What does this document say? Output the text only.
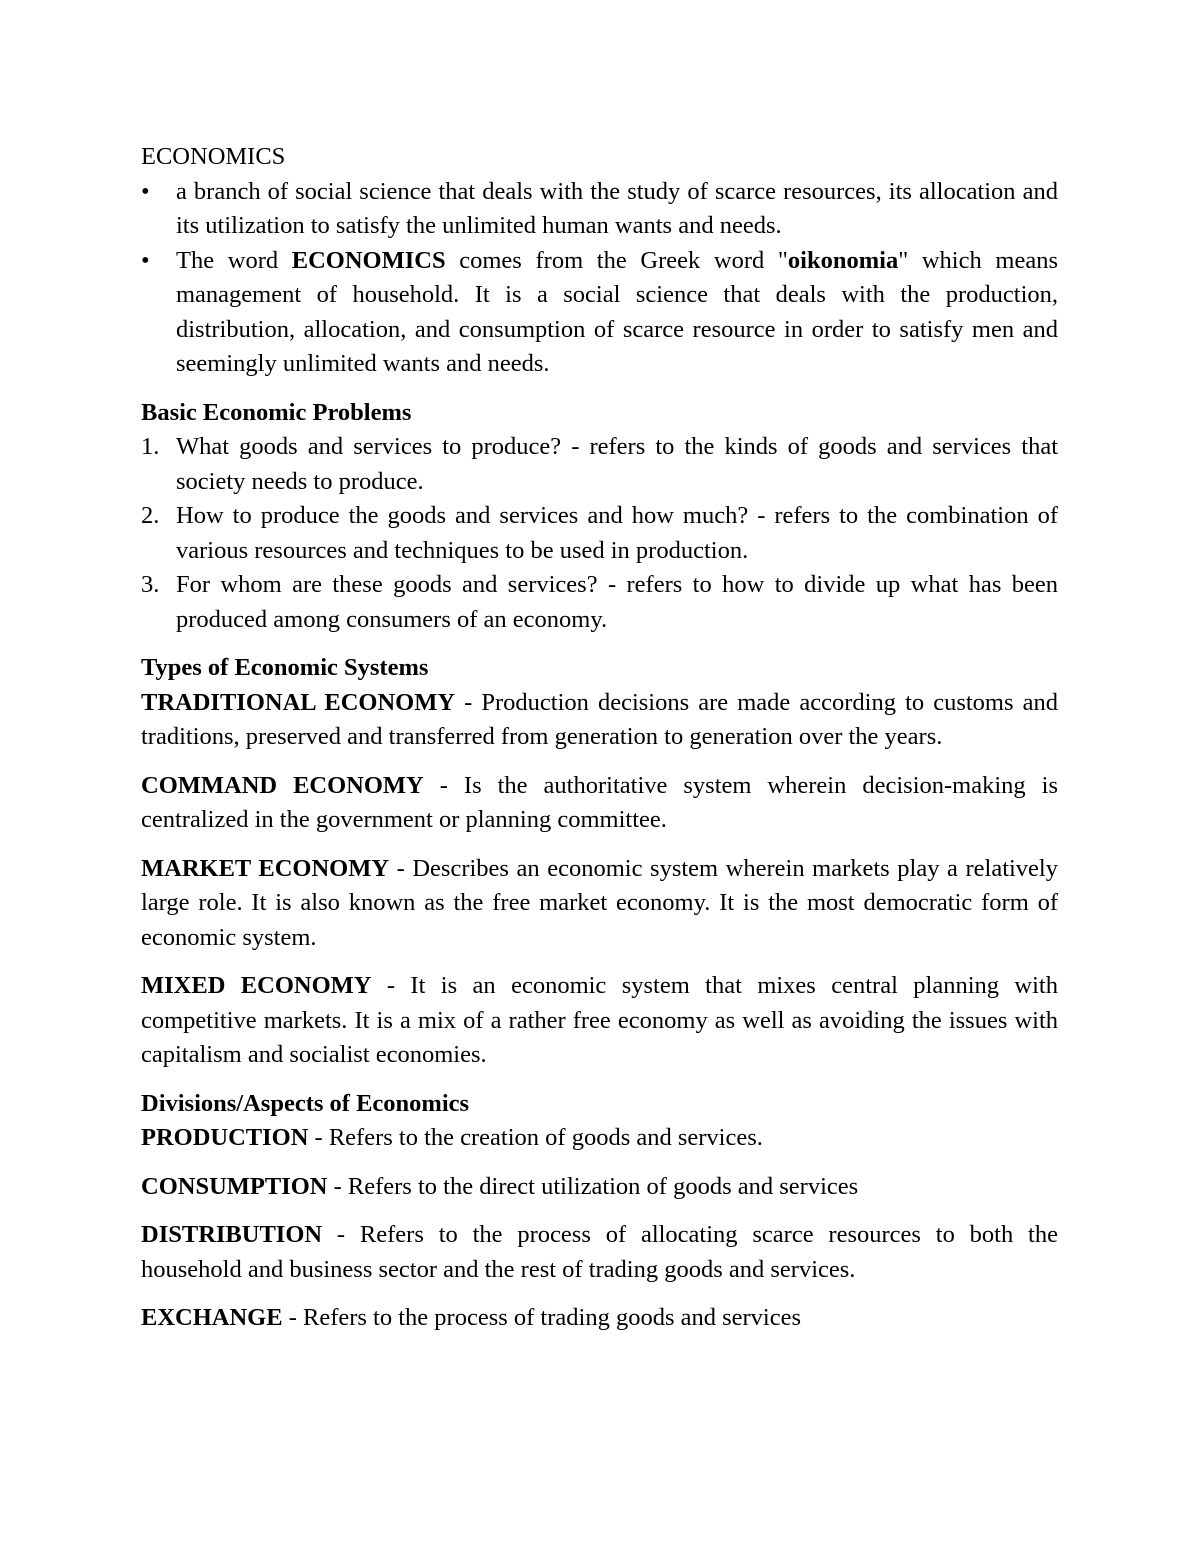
ECONOMICS
•	a branch of social science that deals with the study of scarce resources, its allocation and its utilization to satisfy the unlimited human wants and needs.
•	The word ECONOMICS comes from the Greek word "oikonomia" which means management of household. It is a social science that deals with the production, distribution, allocation, and consumption of scarce resource in order to satisfy men and seemingly unlimited wants and needs.
Basic Economic Problems
1. What goods and services to produce? - refers to the kinds of goods and services that society needs to produce.
2. How to produce the goods and services and how much? - refers to the combination of various resources and techniques to be used in production.
3. For whom are these goods and services? - refers to how to divide up what has been produced among consumers of an economy.
Types of Economic Systems

TRADITIONAL ECONOMY - Production decisions are made according to customs and traditions, preserved and transferred from generation to generation over the years.

COMMAND ECONOMY - Is the authoritative system wherein decision-making is centralized in the government or planning committee.

MARKET ECONOMY - Describes an economic system wherein markets play a relatively large role. It is also known as the free market economy. It is the most democratic form of economic system.

MIXED ECONOMY - It is an economic system that mixes central planning with competitive markets. It is a mix of a rather free economy as well as avoiding the issues with capitalism and socialist economies.

Divisions/Aspects of Economics

PRODUCTION - Refers to the creation of goods and services.

CONSUMPTION - Refers to the direct utilization of goods and services

DISTRIBUTION - Refers to the process of allocating scarce resources to both the household and business sector and the rest of trading goods and services.

EXCHANGE - Refers to the process of trading goods and services
